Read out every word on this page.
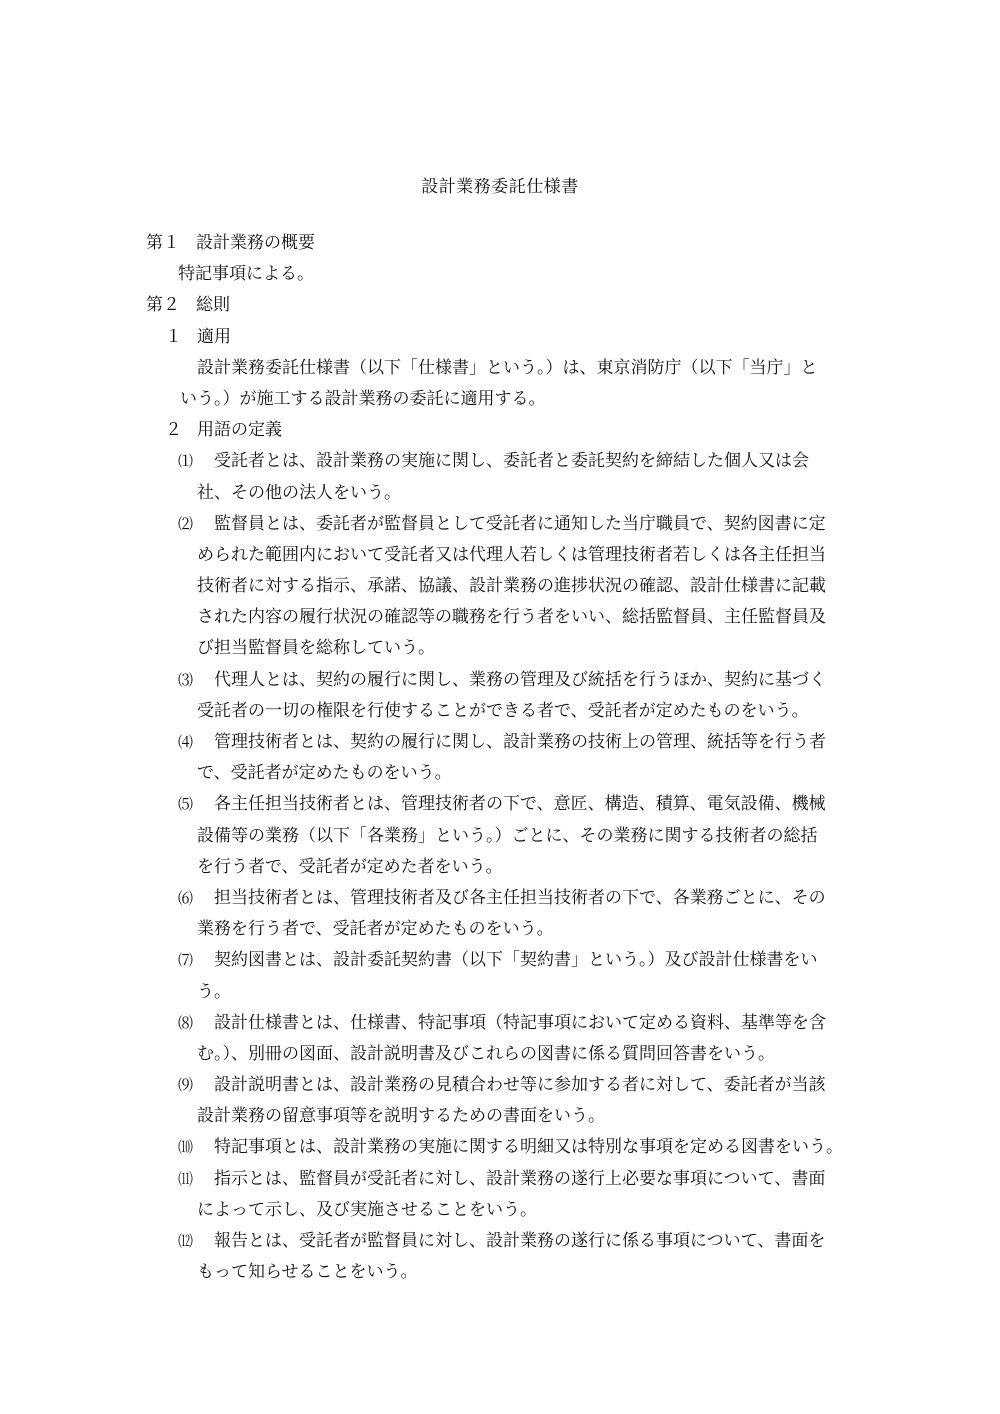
設計業務委託仕様書
第１ 設計業務の概要
特記事項による。
第２ 総則
１ 適用
設計業務委託仕様書（以下「仕様書」という。）は、東京消防庁（以下「当庁」と
いう。）が施工する設計業務の委託に適用する。
２ 用語の定義
⑴ 受託者とは、設計業務の実施に関し、委託者と委託契約を締結した個人又は会
社、その他の法人をいう。
⑵ 監督員とは、委託者が監督員として受託者に通知した当庁職員で、契約図書に定
められた範囲内において受託者又は代理人若しくは管理技術者若しくは各主任担当
技術者に対する指示、承諾、協議、設計業務の進捗状況の確認、設計仕様書に記載
された内容の履行状況の確認等の職務を行う者をいい、総括監督員、主任監督員及
び担当監督員を総称していう。
⑶ 代理人とは、契約の履行に関し、業務の管理及び統括を行うほか、契約に基づく
受託者の一切の権限を行使することができる者で、受託者が定めたものをいう。
⑷ 管理技術者とは、契約の履行に関し、設計業務の技術上の管理、統括等を行う者
で、受託者が定めたものをいう。
⑸ 各主任担当技術者とは、管理技術者の下で、意匠、構造、積算、電気設備、機械
設備等の業務（以下「各業務」という。）ごとに、その業務に関する技術者の総括
を行う者で、受託者が定めた者をいう。
⑹ 担当技術者とは、管理技術者及び各主任担当技術者の下で、各業務ごとに、その
業務を行う者で、受託者が定めたものをいう。
⑺ 契約図書とは、設計委託契約書（以下「契約書」という。）及び設計仕様書をい
う。
⑻ 設計仕様書とは、仕様書、特記事項（特記事項において定める資料、基準等を含
む。）、別冊の図面、設計説明書及びこれらの図書に係る質問回答書をいう。
⑼ 設計説明書とは、設計業務の見積合わせ等に参加する者に対して、委託者が当該
設計業務の留意事項等を説明するための書面をいう。
⑽ 特記事項とは、設計業務の実施に関する明細又は特別な事項を定める図書をいう。
⑾ 指示とは、監督員が受託者に対し、設計業務の遂行上必要な事項について、書面
によって示し、及び実施させることをいう。
⑿ 報告とは、受託者が監督員に対し、設計業務の遂行に係る事項について、書面を
もって知らせることをいう。
